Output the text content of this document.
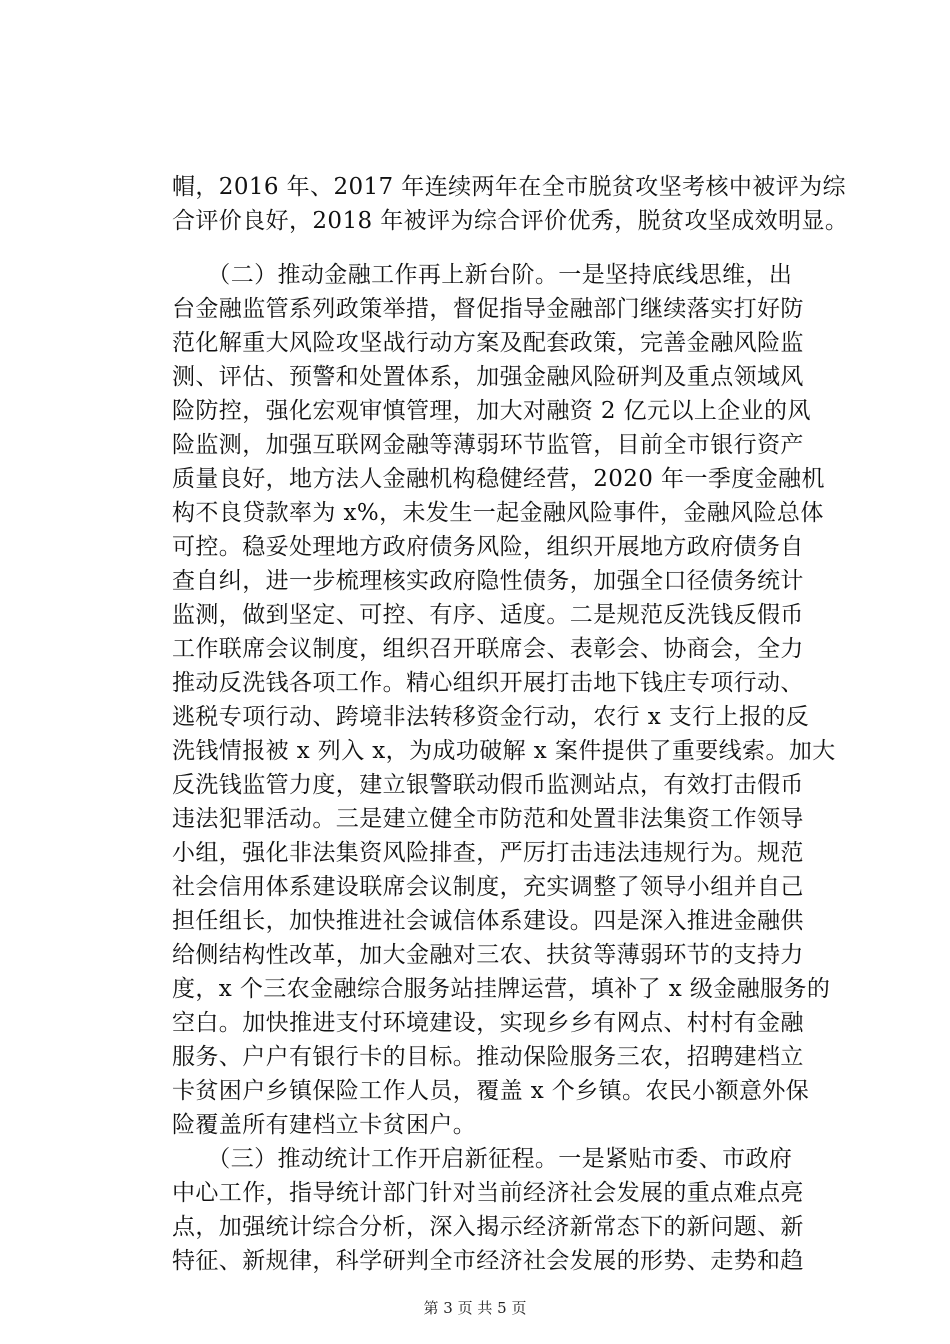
帽，2016 年、2017 年连续两年在全市脱贫攻坚考核中被评为综
合评价良好，2018 年被评为综合评价优秀，脱贫攻坚成效明显。
　　（二）推动金融工作再上新台阶。一是坚持底线思维，出
台金融监管系列政策举措，督促指导金融部门继续落实打好防
范化解重大风险攻坚战行动方案及配套政策，完善金融风险监
测、评估、预警和处置体系，加强金融风险研判及重点领域风
险防控，强化宏观审慎管理，加大对融资 2 亿元以上企业的风
险监测，加强互联网金融等薄弱环节监管，目前全市银行资产
质量良好，地方法人金融机构稳健经营，2020 年一季度金融机
构不良贷款率为 x%，未发生一起金融风险事件，金融风险总体
可控。稳妥处理地方政府债务风险，组织开展地方政府债务自
查自纠，进一步梳理核实政府隐性债务，加强全口径债务统计
监测，做到坚定、可控、有序、适度。二是规范反洗钱反假币
工作联席会议制度，组织召开联席会、表彰会、协商会，全力
推动反洗钱各项工作。精心组织开展打击地下钱庄专项行动、
逃税专项行动、跨境非法转移资金行动，农行 x 支行上报的反
洗钱情报被 x 列入 x，为成功破解 x 案件提供了重要线索。加大
反洗钱监管力度，建立银警联动假币监测站点，有效打击假币
违法犯罪活动。三是建立健全市防范和处置非法集资工作领导
小组，强化非法集资风险排查，严厉打击违法违规行为。规范
社会信用体系建设联席会议制度，充实调整了领导小组并自己
担任组长，加快推进社会诚信体系建设。四是深入推进金融供
给侧结构性改革，加大金融对三农、扶贫等薄弱环节的支持力
度，x 个三农金融综合服务站挂牌运营，填补了 x 级金融服务的
空白。加快推进支付环境建设，实现乡乡有网点、村村有金融
服务、户户有银行卡的目标。推动保险服务三农，招聘建档立
卡贫困户乡镇保险工作人员，覆盖 x 个乡镇。农民小额意外保
险覆盖所有建档立卡贫困户。
　　（三）推动统计工作开启新征程。一是紧贴市委、市政府
中心工作，指导统计部门针对当前经济社会发展的重点难点亮
点，加强统计综合分析，深入揭示经济新常态下的新问题、新
特征、新规律，科学研判全市经济社会发展的形势、走势和趋
第 3 页 共 5 页
